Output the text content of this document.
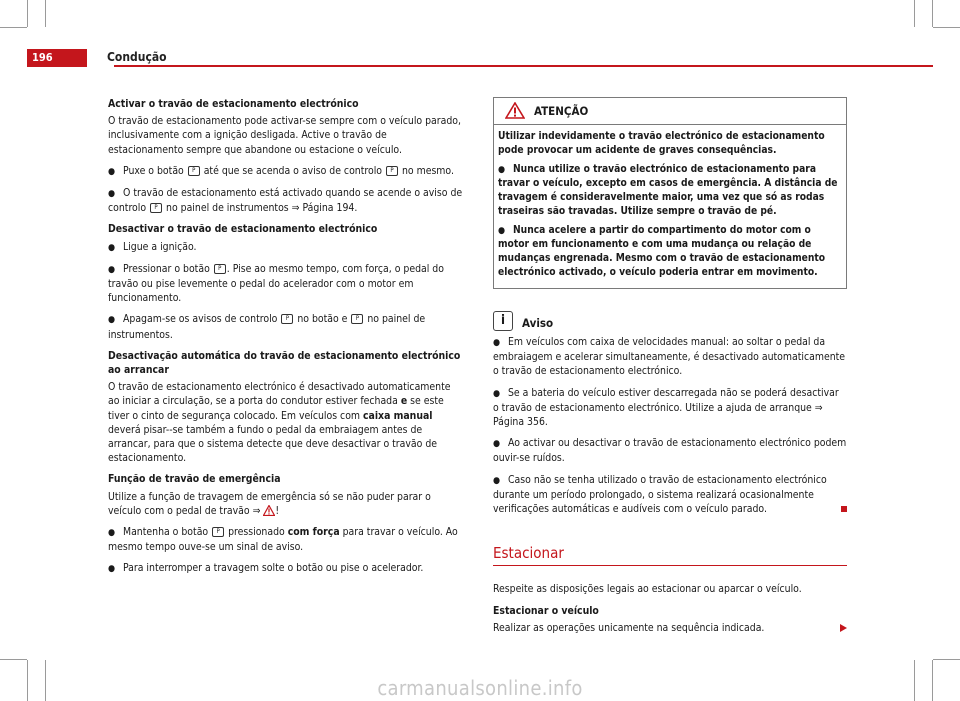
196	Condução
Activar o travão de estacionamento electrónico

O travão de estacionamento pode activar-se sempre com o veículo parado, inclusivamente com a ignição desligada. Active o travão de estacionamento sempre que abandone ou estacione o veículo.

● Puxe o botão P até que se acenda o aviso de controlo P no mesmo.

● O travão de estacionamento está activado quando se acende o aviso de controlo P no painel de instrumentos ⇒ Página 194.

Desactivar o travão de estacionamento electrónico

● Ligue a ignição.

● Pressionar o botão P . Pise ao mesmo tempo, com força, o pedal do travão ou pise levemente o pedal do acelerador com o motor em funcionamento.

● Apagam-se os avisos de controlo P no botão e P no painel de instrumentos.

Desactivação automática do travão de estacionamento electrónico ao arrancar

O travão de estacionamento electrónico é desactivado automaticamente ao iniciar a circulação, se a porta do condutor estiver fechada e se este tiver o cinto de segurança colocado. Em veículos com caixa manual deverá pisar--se também a fundo o pedal da embraiagem antes de arrancar, para que o sistema detecte que deve desactivar o travão de estacionamento.

Função de travão de emergência

Utilize a função de travagem de emergência só se não puder parar o veículo com o pedal de travão ⇒ !

● Mantenha o botão P pressionado com força para travar o veículo. Ao mesmo tempo ouve-se um sinal de aviso.

● Para interromper a travagem solte o botão ou pise o acelerador.

ATENÇÃO

Utilizar indevidamente o travão electrónico de estacionamento pode provocar um acidente de graves consequências.

● Nunca utilize o travão electrónico de estacionamento para travar o veículo, excepto em casos de emergência. A distância de travagem é consideravelmente maior, uma vez que só as rodas traseiras são travadas. Utilize sempre o travão de pé.

● Nunca acelere a partir do compartimento do motor com o motor em funcionamento e com uma mudança ou relação de mudanças engrenada. Mesmo com o travão de estacionamento electrónico activado, o veículo poderia entrar em movimento.

i	Aviso

● Em veículos com caixa de velocidades manual: ao soltar o pedal da embraiagem e acelerar simultaneamente, é desactivado automaticamente o travão de estacionamento electrónico.

● Se a bateria do veículo estiver descarregada não se poderá desactivar o travão de estacionamento electrónico. Utilize a ajuda de arranque ⇒ Página 356.

● Ao activar ou desactivar o travão de estacionamento electrónico podem ouvir-se ruídos.

● Caso não se tenha utilizado o travão de estacionamento electrónico durante um período prolongado, o sistema realizará ocasionalmente verificações automáticas e audíveis com o veículo parado.

Estacionar

Respeite as disposições legais ao estacionar ou aparcar o veículo.

Estacionar o veículo

Realizar as operações unicamente na sequência indicada.

carmanualsonline.info
